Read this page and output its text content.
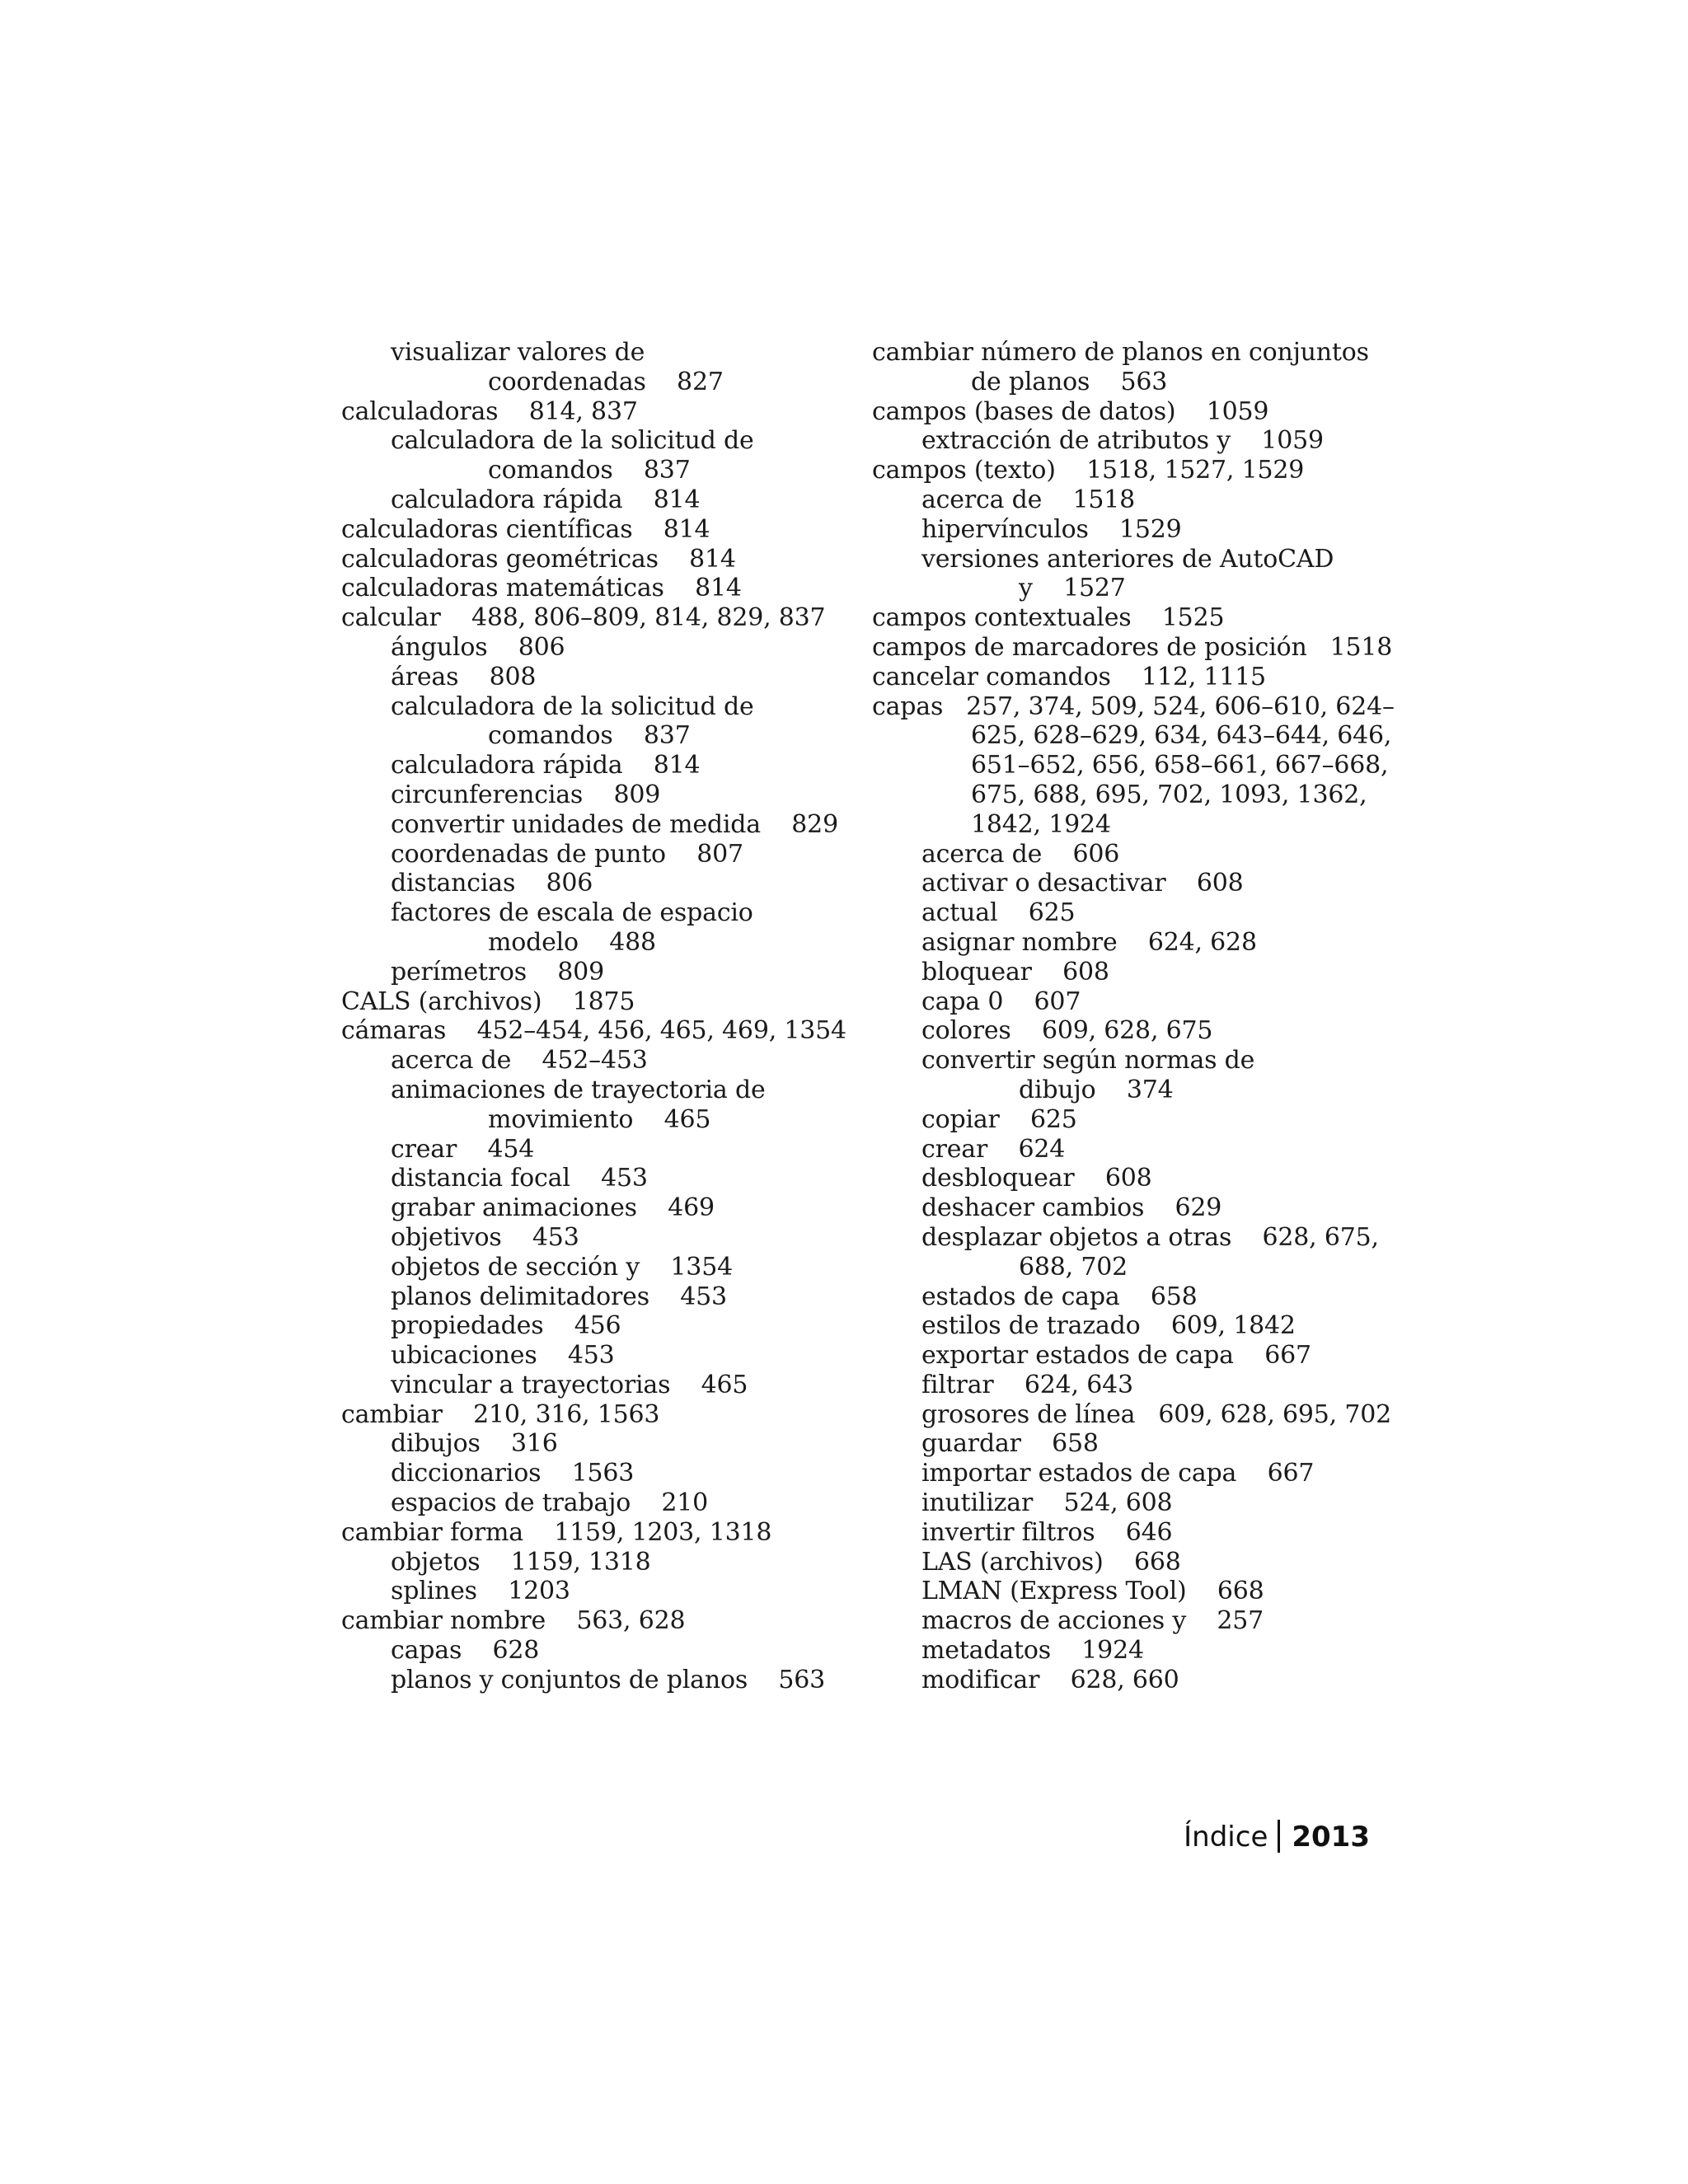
visualizar valores de
coordenadas    827
calculadoras    814, 837
calculadora de la solicitud de
comandos    837
calculadora rápida    814
calculadoras científicas    814
calculadoras geométricas    814
calculadoras matemáticas    814
calcular    488, 806–809, 814, 829, 837
ángulos    806
áreas    808
calculadora de la solicitud de
comandos    837
calculadora rápida    814
circunferencias    809
convertir unidades de medida    829
coordenadas de punto    807
distancias    806
factores de escala de espacio
modelo    488
perímetros    809
CALS (archivos)    1875
cámaras    452–454, 456, 465, 469, 1354
acerca de    452–453
animaciones de trayectoria de
movimiento    465
crear    454
distancia focal    453
grabar animaciones    469
objetivos    453
objetos de sección y    1354
planos delimitadores    453
propiedades    456
ubicaciones    453
vincular a trayectorias    465
cambiar    210, 316, 1563
dibujos    316
diccionarios    1563
espacios de trabajo    210
cambiar forma    1159, 1203, 1318
objetos    1159, 1318
splines    1203
cambiar nombre    563, 628
capas    628
planos y conjuntos de planos    563
cambiar número de planos en conjuntos
de planos    563
campos (bases de datos)    1059
extracción de atributos y    1059
campos (texto)    1518, 1527, 1529
acerca de    1518
hipervínculos    1529
versiones anteriores de AutoCAD
y    1527
campos contextuales    1525
campos de marcadores de posición   1518
cancelar comandos    112, 1115
capas   257, 374, 509, 524, 606–610, 624–
625, 628–629, 634, 643–644, 646,
651–652, 656, 658–661, 667–668,
675, 688, 695, 702, 1093, 1362,
1842, 1924
acerca de    606
activar o desactivar    608
actual    625
asignar nombre    624, 628
bloquear    608
capa 0    607
colores    609, 628, 675
convertir según normas de
dibujo    374
copiar    625
crear    624
desbloquear    608
deshacer cambios    629
desplazar objetos a otras    628, 675,
688, 702
estados de capa    658
estilos de trazado    609, 1842
exportar estados de capa    667
filtrar    624, 643
grosores de línea   609, 628, 695, 702
guardar    658
importar estados de capa    667
inutilizar    524, 608
invertir filtros    646
LAS (archivos)    668
LMAN (Express Tool)    668
macros de acciones y    257
metadatos    1924
modificar    628, 660
Índice 2013
